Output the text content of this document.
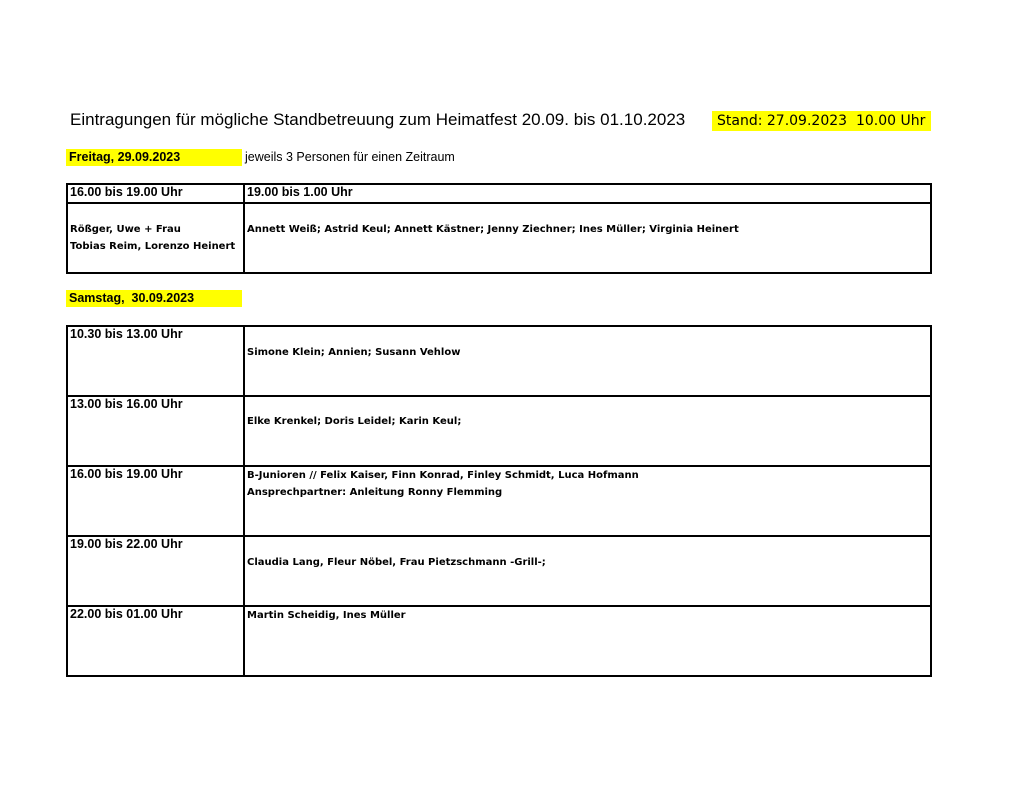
Eintragungen für mögliche Standbetreuung zum Heimatfest 20.09. bis 01.10.2023	Stand: 27.09.2023  10.00 Uhr
Freitag, 29.09.2023	jeweils 3 Personen für einen Zeitraum
16.00 bis 19.00 Uhr	19.00 bis 1.00 Uhr

Rößger, Uwe + Frau
Tobias Reim, Lorenzo Heinert	Annett Weiß; Astrid Keul; Annett Kästner; Jenny Ziechner; Ines Müller; Virginia Heinert
Samstag,  30.09.2023
10.30 bis 13.00 Uhr	Simone Klein; Annien; Susann Vehlow

13.00 bis 16.00 Uhr	Elke Krenkel; Doris Leidel; Karin Keul;

16.00 bis 19.00 Uhr	B-Junioren // Felix Kaiser, Finn Konrad, Finley Schmidt, Luca Hofmann
Ansprechpartner: Anleitung Ronny Flemming

19.00 bis 22.00 Uhr	Claudia Lang, Fleur Nöbel, Frau Pietzschmann -Grill-;

22.00 bis 01.00 Uhr	Martin Scheidig, Ines Müller
